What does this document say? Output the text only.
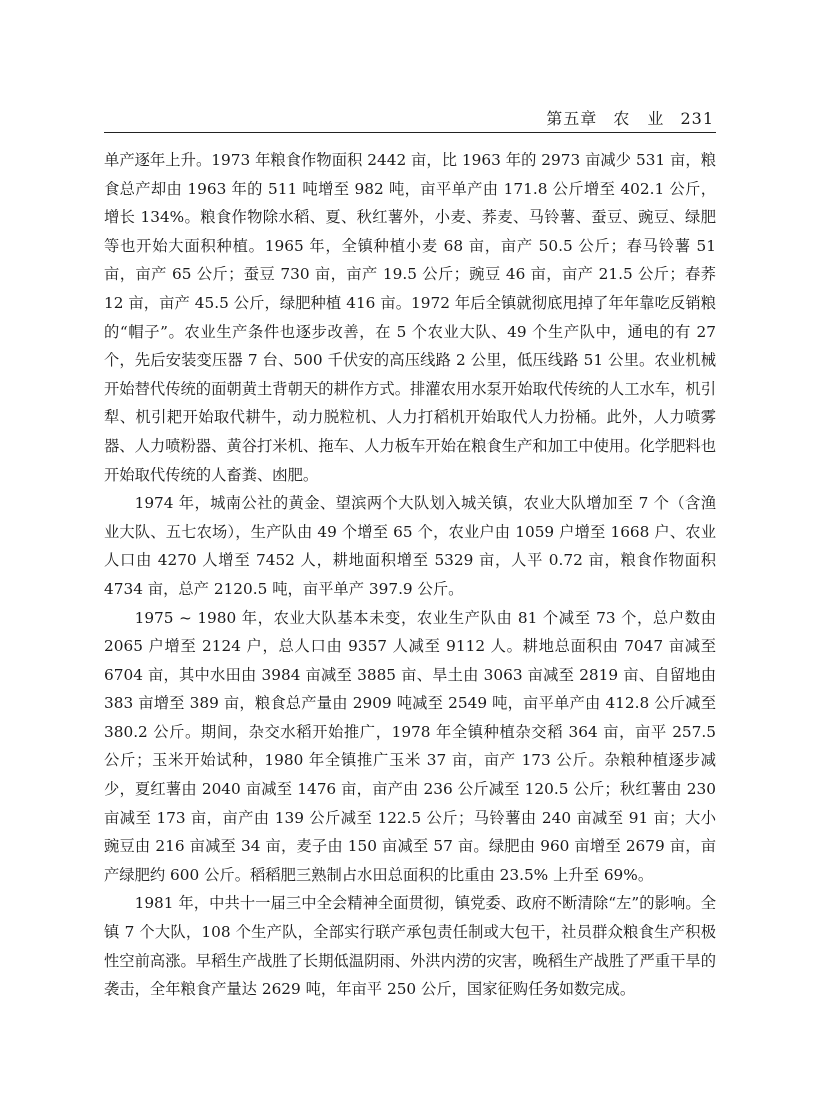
第五章 农　业 231

单产逐年上升。1973 年粮食作物面积 2442 亩，比 1963 年的 2973 亩减少 531 亩，粮食总产却由 1963 年的 511 吨增至 982 吨，亩平单产由 171.8 公斤增至 402.1 公斤，增长 134%。粮食作物除水稻、夏、秋红薯外，小麦、荞麦、马铃薯、蚕豆、豌豆、绿肥等也开始大面积种植。1965 年，全镇种植小麦 68 亩，亩产 50.5 公斤；春马铃薯 51 亩，亩产 65 公斤；蚕豆 730 亩，亩产 19.5 公斤；豌豆 46 亩，亩产 21.5 公斤；春荞 12 亩，亩产 45.5 公斤，绿肥种植 416 亩。1972 年后全镇就彻底甩掉了年年靠吃反销粮的“帽子”。农业生产条件也逐步改善，在 5 个农业大队、49 个生产队中，通电的有 27 个，先后安装变压器 7 台、500 千伏安的高压线路 2 公里，低压线路 51 公里。农业机械开始替代传统的面朝黄土背朝天的耕作方式。排灌农用水泵开始取代传统的人工水车，机引犁、机引耙开始取代耕牛，动力脱粒机、人力打稻机开始取代人力扮桶。此外，人力喷雾器、人力喷粉器、黄谷打米机、拖车、人力板车开始在粮食生产和加工中使用。化学肥料也开始取代传统的人畜粪、凼肥。

1974 年，城南公社的黄金、望滨两个大队划入城关镇，农业大队增加至 7 个（含渔业大队、五七农场），生产队由 49 个增至 65 个，农业户由 1059 户增至 1668 户、农业人口由 4270 人增至 7452 人，耕地面积增至 5329 亩，人平 0.72 亩，粮食作物面积 4734 亩，总产 2120.5 吨，亩平单产 397.9 公斤。

1975 ~ 1980 年，农业大队基本未变，农业生产队由 81 个减至 73 个，总户数由 2065 户增至 2124 户，总人口由 9357 人减至 9112 人。耕地总面积由 7047 亩减至 6704 亩，其中水田由 3984 亩减至 3885 亩、旱土由 3063 亩减至 2819 亩、自留地由 383 亩增至 389 亩，粮食总产量由 2909 吨减至 2549 吨，亩平单产由 412.8 公斤减至 380.2 公斤。期间，杂交水稻开始推广，1978 年全镇种植杂交稻 364 亩，亩平 257.5 公斤；玉米开始试种，1980 年全镇推广玉米 37 亩，亩产 173 公斤。杂粮种植逐步减少，夏红薯由 2040 亩减至 1476 亩，亩产由 236 公斤减至 120.5 公斤；秋红薯由 230 亩减至 173 亩，亩产由 139 公斤减至 122.5 公斤；马铃薯由 240 亩减至 91 亩；大小豌豆由 216 亩减至 34 亩，麦子由 150 亩减至 57 亩。绿肥由 960 亩增至 2679 亩，亩产绿肥约 600 公斤。稻稻肥三熟制占水田总面积的比重由 23.5% 上升至 69%。

1981 年，中共十一届三中全会精神全面贯彻，镇党委、政府不断清除“左”的影响。全镇 7 个大队，108 个生产队，全部实行联产承包责任制或大包干，社员群众粮食生产积极性空前高涨。早稻生产战胜了长期低温阴雨、外洪内涝的灾害，晚稻生产战胜了严重干旱的袭击，全年粮食产量达 2629 吨，年亩平 250 公斤，国家征购任务如数完成。
